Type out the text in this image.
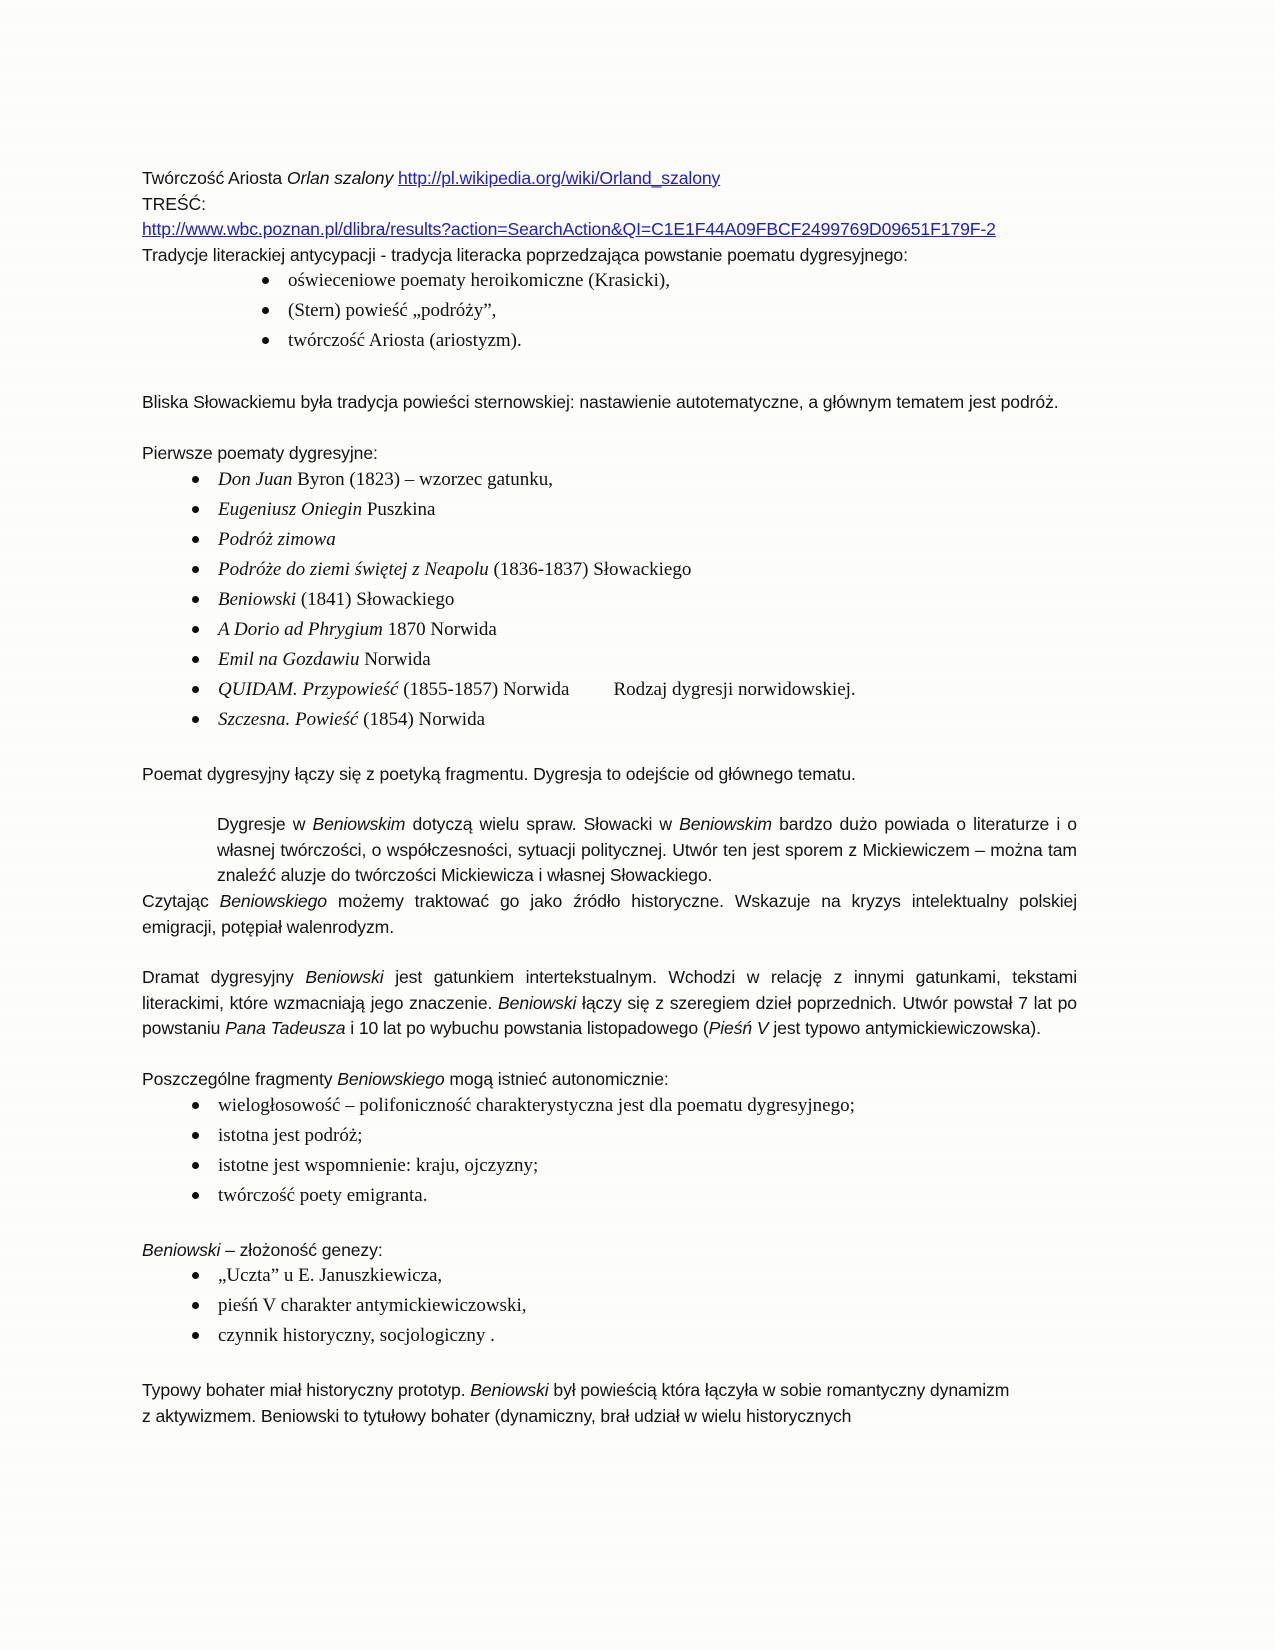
Twórczość Ariosta Orlan szalony http://pl.wikipedia.org/wiki/Orland_szalony

TREŚĆ:

http://www.wbc.poznan.pl/dlibra/results?action=SearchAction&QI=C1E1F44A09FBCF2499769D09651F179F-2

Tradycje literackiej antycypacji - tradycja literacka poprzedzająca powstanie poematu dygresyjnego:

oświeceniowe poematy heroikomiczne (Krasicki),
(Stern) powieść „podróży”,
twórczość Ariosta (ariostyzm).

Bliska Słowackiemu była tradycja powieści sternowskiej: nastawienie autotematyczne, a głównym tematem jest podróż.

Pierwsze poematy dygresyjne:

Don Juan Byron (1823) – wzorzec gatunku,
Eugeniusz Oniegin Puszkina
Podróż zimowa
Podróże do ziemi świętej z Neapolu (1836-1837) Słowackiego
Beniowski (1841) Słowackiego
A Dorio ad Phrygium 1870 Norwida
Emil na Gozdawiu Norwida
QUIDAM. Przypowieść (1855-1857) Norwida Rodzaj dygresji norwidowskiej.
Szczesna. Powieść (1854) Norwida

Poemat dygresyjny łączy się z poetyką fragmentu. Dygresja to odejście od głównego tematu.

Dygresje w Beniowskim dotyczą wielu spraw. Słowacki w Beniowskim bardzo dużo powiada o literaturze i o własnej twórczości, o współczesności, sytuacji politycznej. Utwór ten jest sporem z Mickiewiczem – można tam znaleźć aluzje do twórczości Mickiewicza i własnej Słowackiego.

Czytając Beniowskiego możemy traktować go jako źródło historyczne. Wskazuje na kryzys intelektualny polskiej emigracji, potępiał walenrodyzm.

Dramat dygresyjny Beniowski jest gatunkiem intertekstualnym. Wchodzi w relację z innymi gatunkami, tekstami literackimi, które wzmacniają jego znaczenie. Beniowski łączy się z szeregiem dzieł poprzednich. Utwór powstał 7 lat po powstaniu Pana Tadeusza i 10 lat po wybuchu powstania listopadowego (Pieśń V jest typowo antymickiewiczowska).

Poszczególne fragmenty Beniowskiego mogą istnieć autonomicznie:

wielogłosowość – polifoniczność charakterystyczna jest dla poematu dygresyjnego;
istotna jest podróż;
istotne jest wspomnienie: kraju, ojczyzny;
twórczość poety emigranta.

Beniowski – złożoność genezy:

„Uczta” u E. Januszkiewicza,
pieśń V charakter antymickiewiczowski,
czynnik historyczny, socjologiczny .

Typowy bohater miał historyczny prototyp. Beniowski był powieścią która łączyła w sobie romantyczny dynamizm

z aktywizmem. Beniowski to tytułowy bohater (dynamiczny, brał udział w wielu historycznych
